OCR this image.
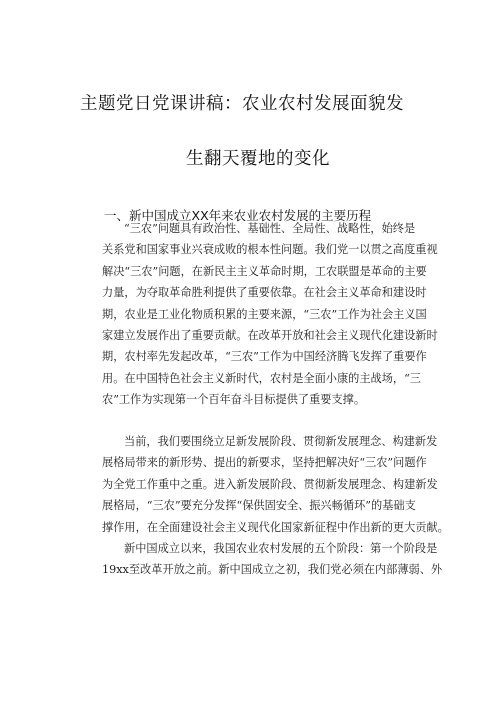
主题党日党课讲稿：农业农村发展面貌发
生翻天覆地的变化
一、新中国成立XX年来农业农村发展的主要历程
“三农”问题具有政治性、基础性、全局性、战略性，始终是
关系党和国家事业兴衰成败的根本性问题。我们党一以贯之高度重视
解决“三农”问题，在新民主主义革命时期，工农联盟是革命的主要
力量，为夺取革命胜利提供了重要依靠。在社会主义革命和建设时
期，农业是工业化物质积累的主要来源，“三农”工作为社会主义国
家建立发展作出了重要贡献。在改革开放和社会主义现代化建设新时
期，农村率先发起改革，“三农”工作为中国经济腾飞发挥了重要作
用。在中国特色社会主义新时代，农村是全面小康的主战场，“三
农”工作为实现第一个百年奋斗目标提供了重要支撑。
当前，我们要围绕立足新发展阶段、贯彻新发展理念、构建新发
展格局带来的新形势、提出的新要求，坚持把解决好“三农”问题作
为全党工作重中之重。进入新发展阶段、贯彻新发展理念、构建新发
展格局，“三农”要充分发挥“保供固安全、振兴畅循环”的基础支
撑作用，在全面建设社会主义现代化国家新征程中作出新的更大贡献。
新中国成立以来，我国农业农村发展的五个阶段：第一个阶段是
19xx至改革开放之前。新中国成立之初，我们党必须在内部薄弱、外
